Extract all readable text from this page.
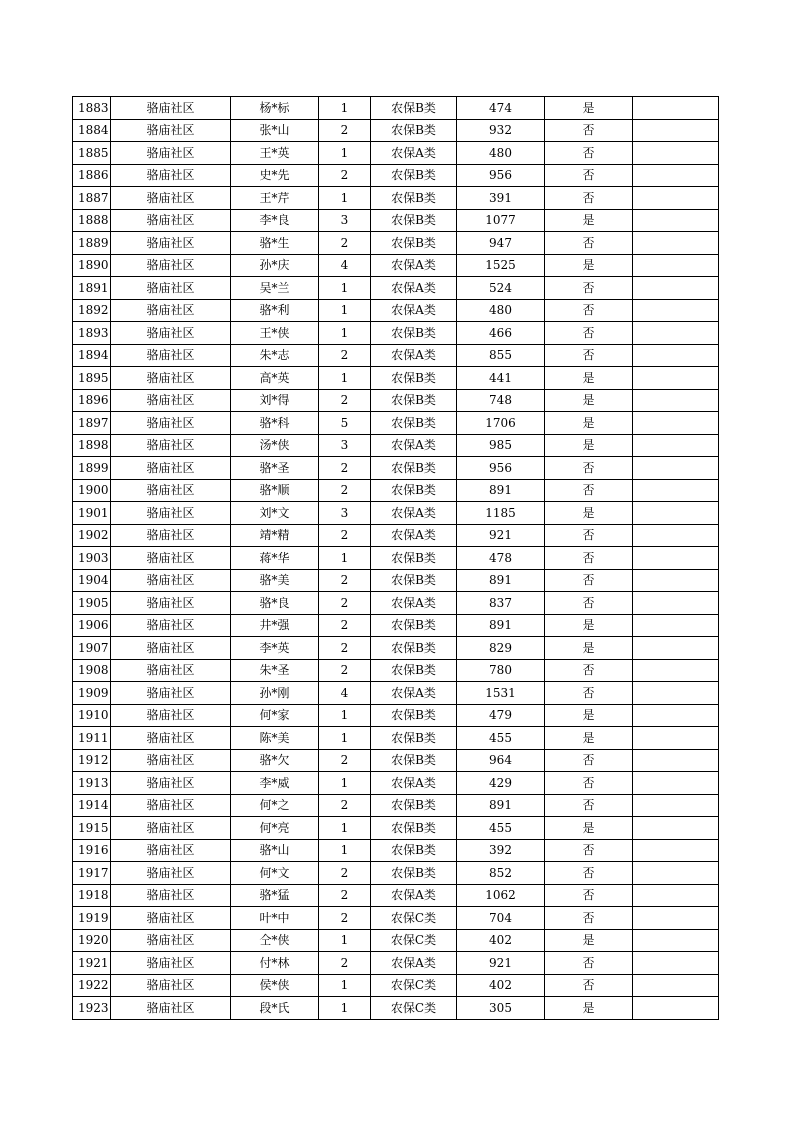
1883	骆庙社区	杨*标	1	农保B类	474	是	
1884	骆庙社区	张*山	2	农保B类	932	否	
1885	骆庙社区	王*英	1	农保A类	480	否	
1886	骆庙社区	史*先	2	农保B类	956	否	
1887	骆庙社区	王*芹	1	农保B类	391	否	
1888	骆庙社区	李*良	3	农保B类	1077	是	
1889	骆庙社区	骆*生	2	农保B类	947	否	
1890	骆庙社区	孙*庆	4	农保A类	1525	是	
1891	骆庙社区	吴*兰	1	农保A类	524	否	
1892	骆庙社区	骆*利	1	农保A类	480	否	
1893	骆庙社区	王*侠	1	农保B类	466	否	
1894	骆庙社区	朱*志	2	农保A类	855	否	
1895	骆庙社区	高*英	1	农保B类	441	是	
1896	骆庙社区	刘*得	2	农保B类	748	是	
1897	骆庙社区	骆*科	5	农保B类	1706	是	
1898	骆庙社区	汤*侠	3	农保A类	985	是	
1899	骆庙社区	骆*圣	2	农保B类	956	否	
1900	骆庙社区	骆*顺	2	农保B类	891	否	
1901	骆庙社区	刘*文	3	农保A类	1185	是	
1902	骆庙社区	靖*精	2	农保A类	921	否	
1903	骆庙社区	蒋*华	1	农保B类	478	否	
1904	骆庙社区	骆*美	2	农保B类	891	否	
1905	骆庙社区	骆*良	2	农保A类	837	否	
1906	骆庙社区	井*强	2	农保B类	891	是	
1907	骆庙社区	李*英	2	农保B类	829	是	
1908	骆庙社区	朱*圣	2	农保B类	780	否	
1909	骆庙社区	孙*刚	4	农保A类	1531	否	
1910	骆庙社区	何*家	1	农保B类	479	是	
1911	骆庙社区	陈*美	1	农保B类	455	是	
1912	骆庙社区	骆*欠	2	农保B类	964	否	
1913	骆庙社区	李*威	1	农保A类	429	否	
1914	骆庙社区	何*之	2	农保B类	891	否	
1915	骆庙社区	何*亮	1	农保B类	455	是	
1916	骆庙社区	骆*山	1	农保B类	392	否	
1917	骆庙社区	何*文	2	农保B类	852	否	
1918	骆庙社区	骆*猛	2	农保A类	1062	否	
1919	骆庙社区	叶*中	2	农保C类	704	否	
1920	骆庙社区	仝*侠	1	农保C类	402	是	
1921	骆庙社区	付*林	2	农保A类	921	否	
1922	骆庙社区	侯*侠	1	农保C类	402	否	
1923	骆庙社区	段*氏	1	农保C类	305	是	
